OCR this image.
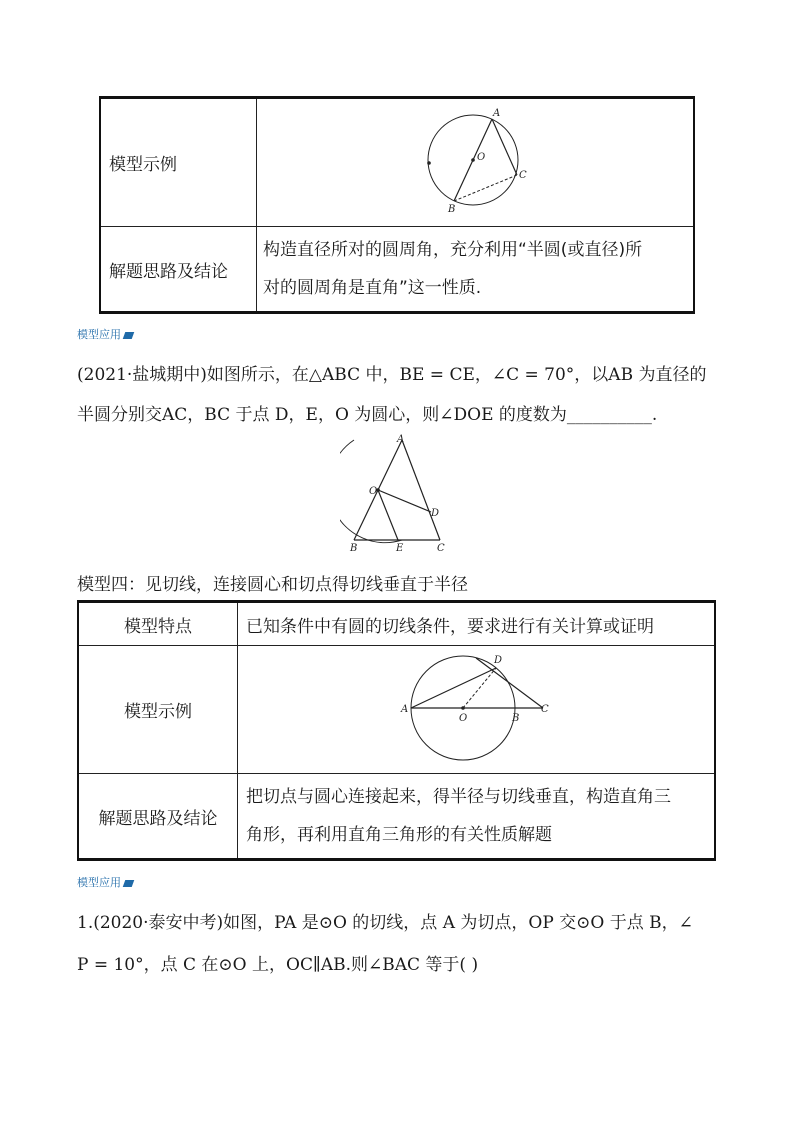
模型示例	A
O
C
B

解题思路及结论	构造直径所对的圆周角，充分利用“半圆(或直径)所
对的圆周角是直角”这一性质.
模型应用
(2021·盐城期中)如图所示，在△ABC 中，BE = CE，∠C = 70°，以AB 为直径的
半圆分别交AC，BC 于点 D，E，O 为圆心，则∠DOE 的度数为__________.
A
O
D
B	E	C
模型四：见切线，连接圆心和切点得切线垂直于半径
模型特点	已知条件中有圆的切线条件，要求进行有关计算或证明
模型示例	D
A
O B
C

解题思路及结论	把切点与圆心连接起来，得半径与切线垂直，构造直角三
角形，再利用直角三角形的有关性质解题
模型应用
1.(2020·泰安中考)如图，PA 是⊙O 的切线，点 A 为切点，OP 交⊙O 于点 B，∠
P = 10°，点 C 在⊙O 上，OC∥AB.则∠BAC 等于( )
